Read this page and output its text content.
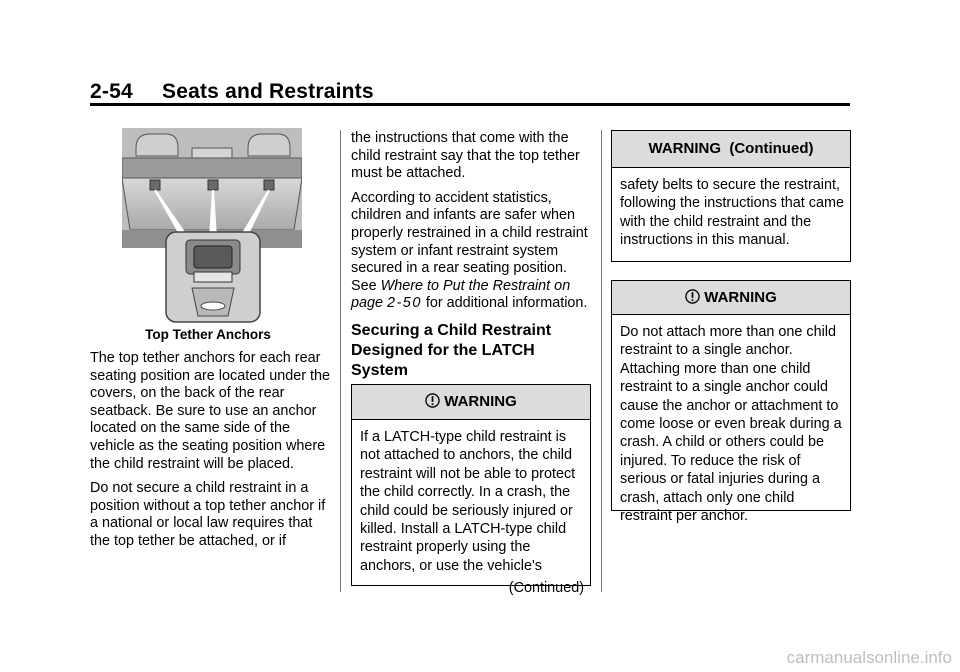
2-54 Seats and Restraints
Top Tether Anchors

The top tether anchors for each rear seating position are located under the covers, on the back of the rear seatback. Be sure to use an anchor located on the same side of the vehicle as the seating position where the child restraint will be placed.

Do not secure a child restraint in a position without a top tether anchor if a national or local law requires that the top tether be attached, or if

the instructions that come with the child restraint say that the top tether must be attached.

According to accident statistics, children and infants are safer when properly restrained in a child restraint system or infant restraint system secured in a rear seating position. See Where to Put the Restraint on page 2‑50 for additional information.

Securing a Child Restraint Designed for the LATCH System
WARNING
If a LATCH-type child restraint is not attached to anchors, the child restraint will not be able to protect the child correctly. In a crash, the child could be seriously injured or killed. Install a LATCH-type child restraint properly using the anchors, or use the vehicle's
(Continued)
WARNING  (Continued)
safety belts to secure the restraint, following the instructions that came with the child restraint and the instructions in this manual.
WARNING
Do not attach more than one child restraint to a single anchor. Attaching more than one child restraint to a single anchor could cause the anchor or attachment to come loose or even break during a crash. A child or others could be injured. To reduce the risk of serious or fatal injuries during a crash, attach only one child restraint per anchor.
carmanualsonline.info
